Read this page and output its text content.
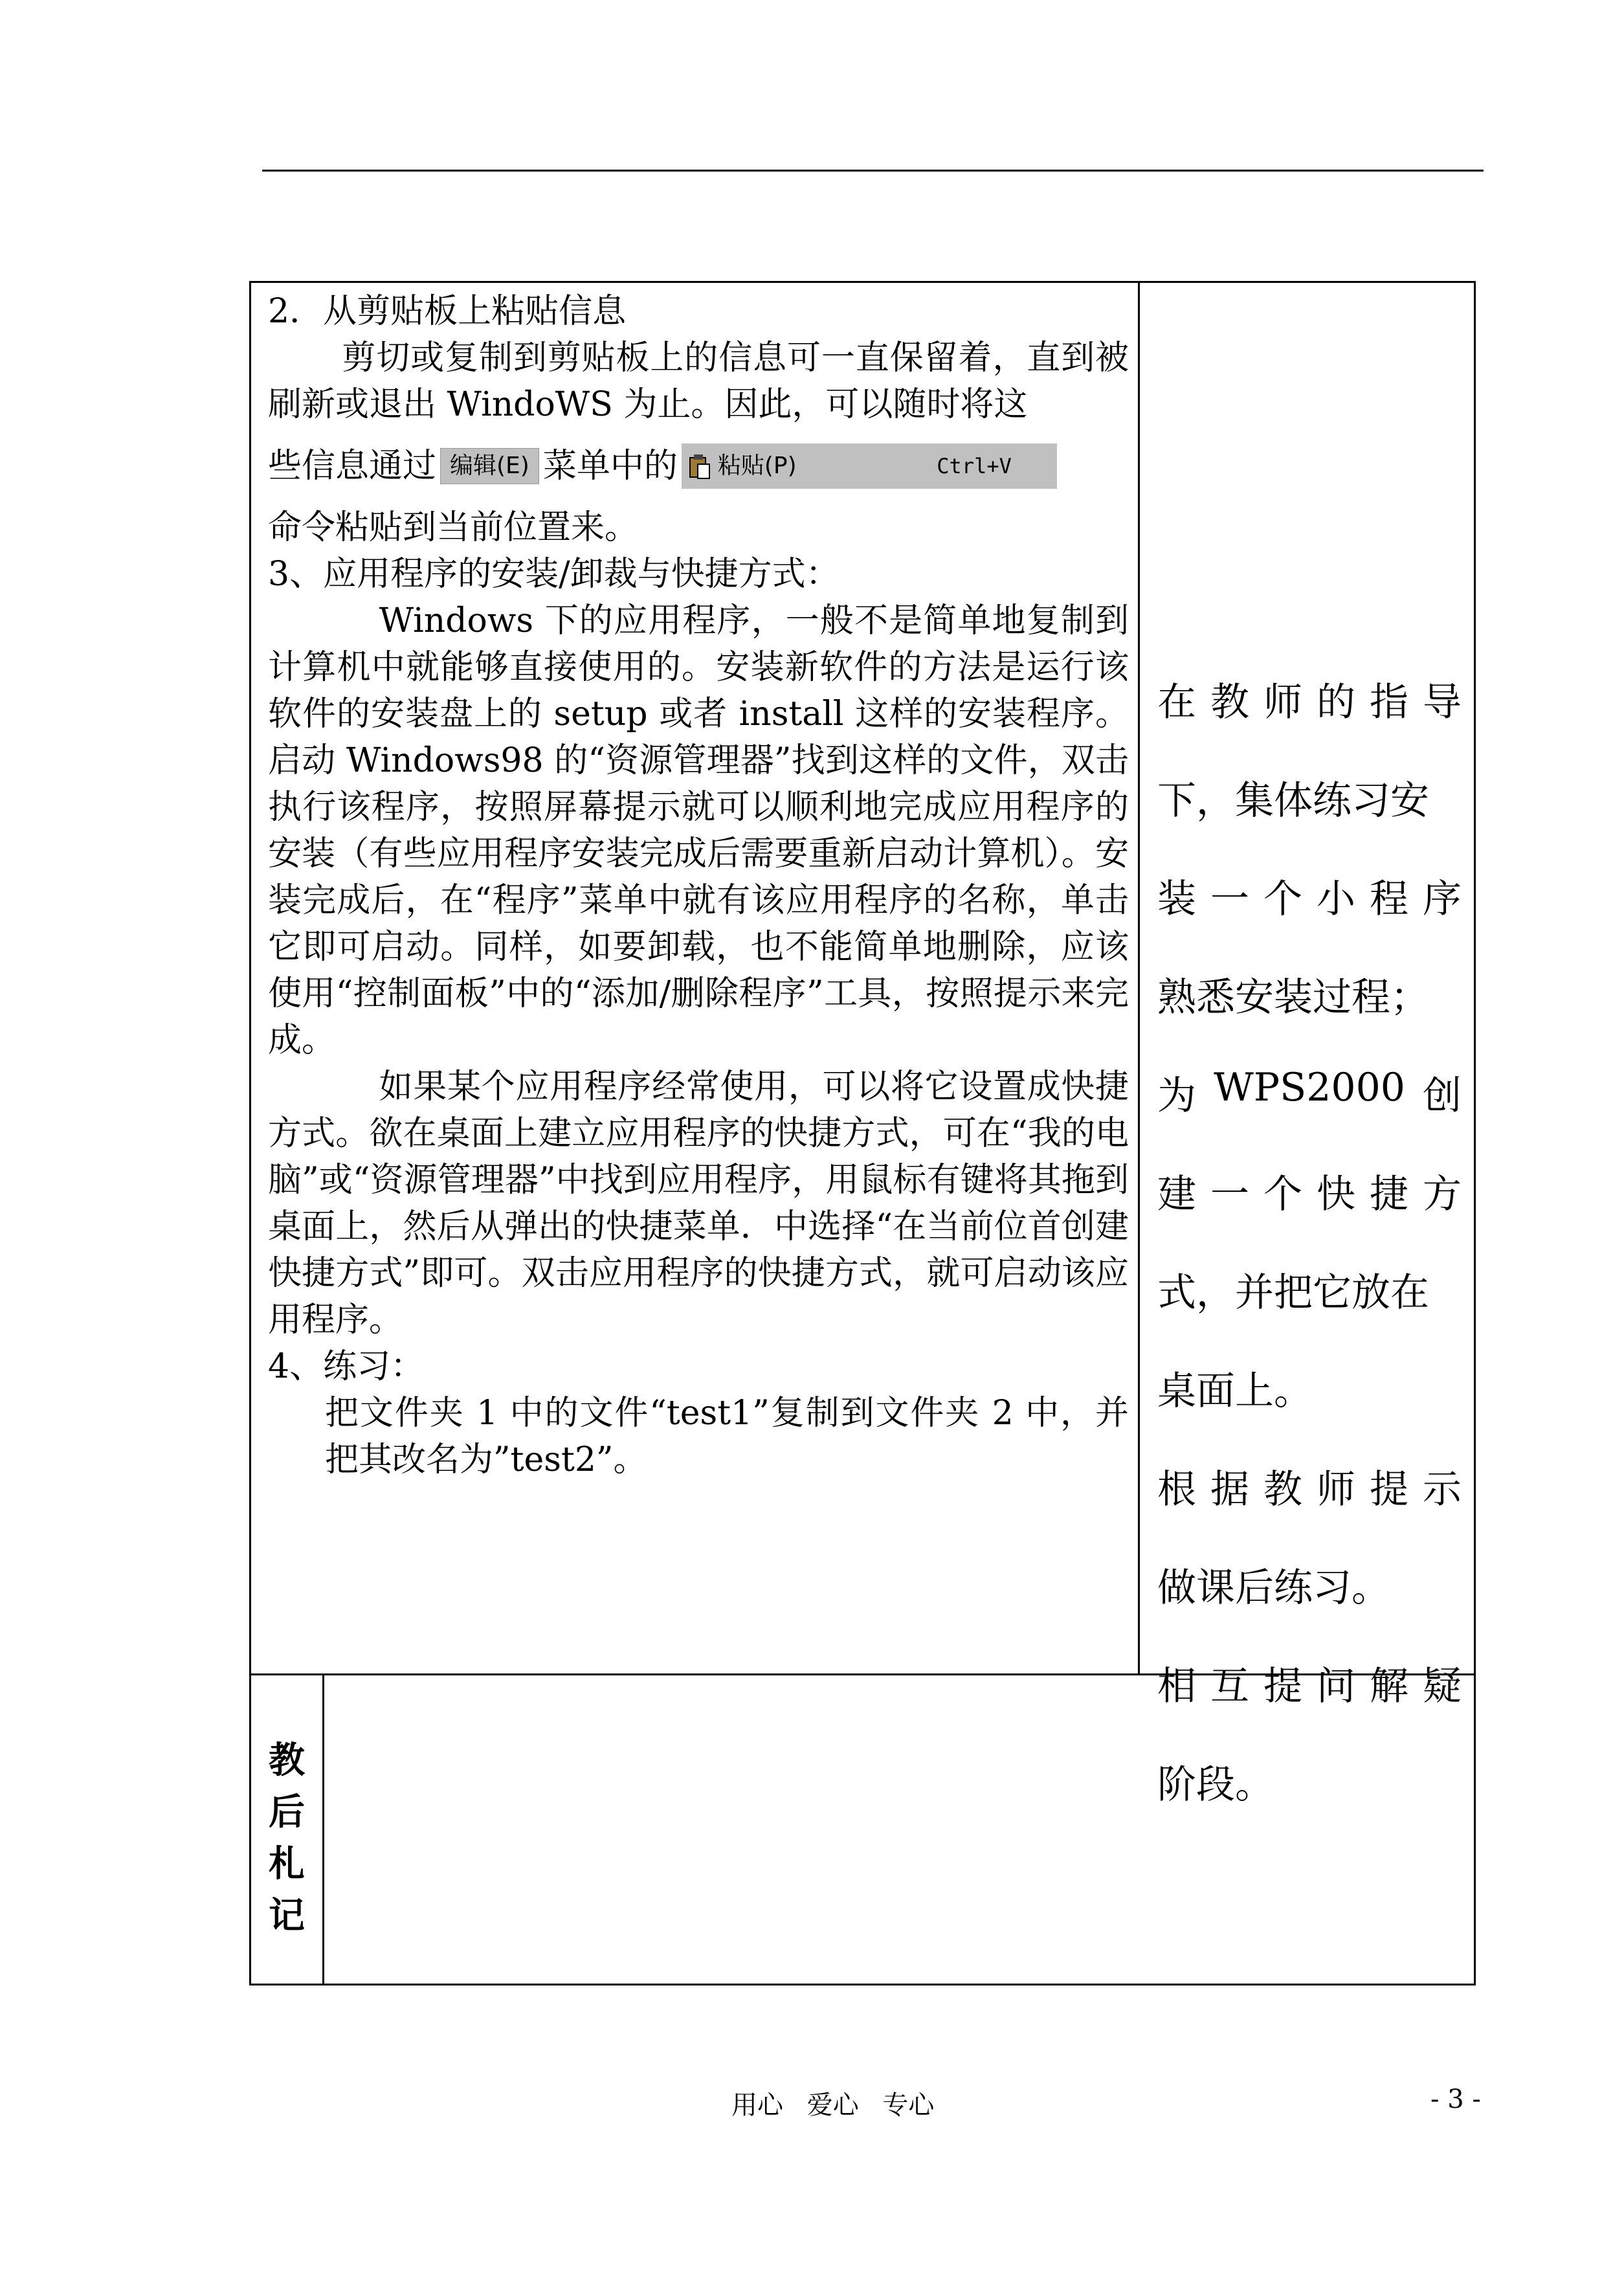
2．从剪贴板上粘贴信息

剪切或复制到剪贴板上的信息可一直保留着，直到被刷新或退出 WindoWS 为止。因此，可以随时将这

些信息通过 编辑(E) 菜单中的 粘贴(P)	Ctrl+V

命令粘贴到当前位置来。

3、应用程序的安装/卸裁与快捷方式：

Windows 下的应用程序，一般不是简单地复制到计算机中就能够直接使用的。安装新软件的方法是运行该软件的安装盘上的 setup 或者 install 这样的安装程序。启动 Windows98 的“资源管理器”找到这样的文件，双击执行该程序，按照屏幕提示就可以顺利地完成应用程序的安装（有些应用程序安装完成后需要重新启动计算机）。安装完成后，在“程序”菜单中就有该应用程序的名称，单击它即可启动。同样，如要卸载，也不能简单地删除，应该使用“控制面板”中的“添加/删除程序”工具，按照提示来完成。

如果某个应用程序经常使用，可以将它设置成快捷方式。欲在桌面上建立应用程序的快捷方式，可在“我的电脑”或“资源管理器”中找到应用程序，用鼠标有键将其拖到桌面上，然后从弹出的快捷菜单．中选择“在当前位首创建快捷方式”即可。双击应用程序的快捷方式，就可启动该应用程序。

4、练习：

把文件夹 1 中的文件“test1”复制到文件夹 2 中，并把其改名为”test2”。

在 教 师 的 指 导
下，集体练习安
装 一 个 小 程 序
熟悉安装过程；
为 WPS2000 创
建 一 个 快 捷 方
式，并把它放在
桌面上。
根 据 教 师 提 示
做课后练习。
相 互 提 问 解 疑
阶段。
教
后
札
记
用心 爱心 专心	- 3 -
